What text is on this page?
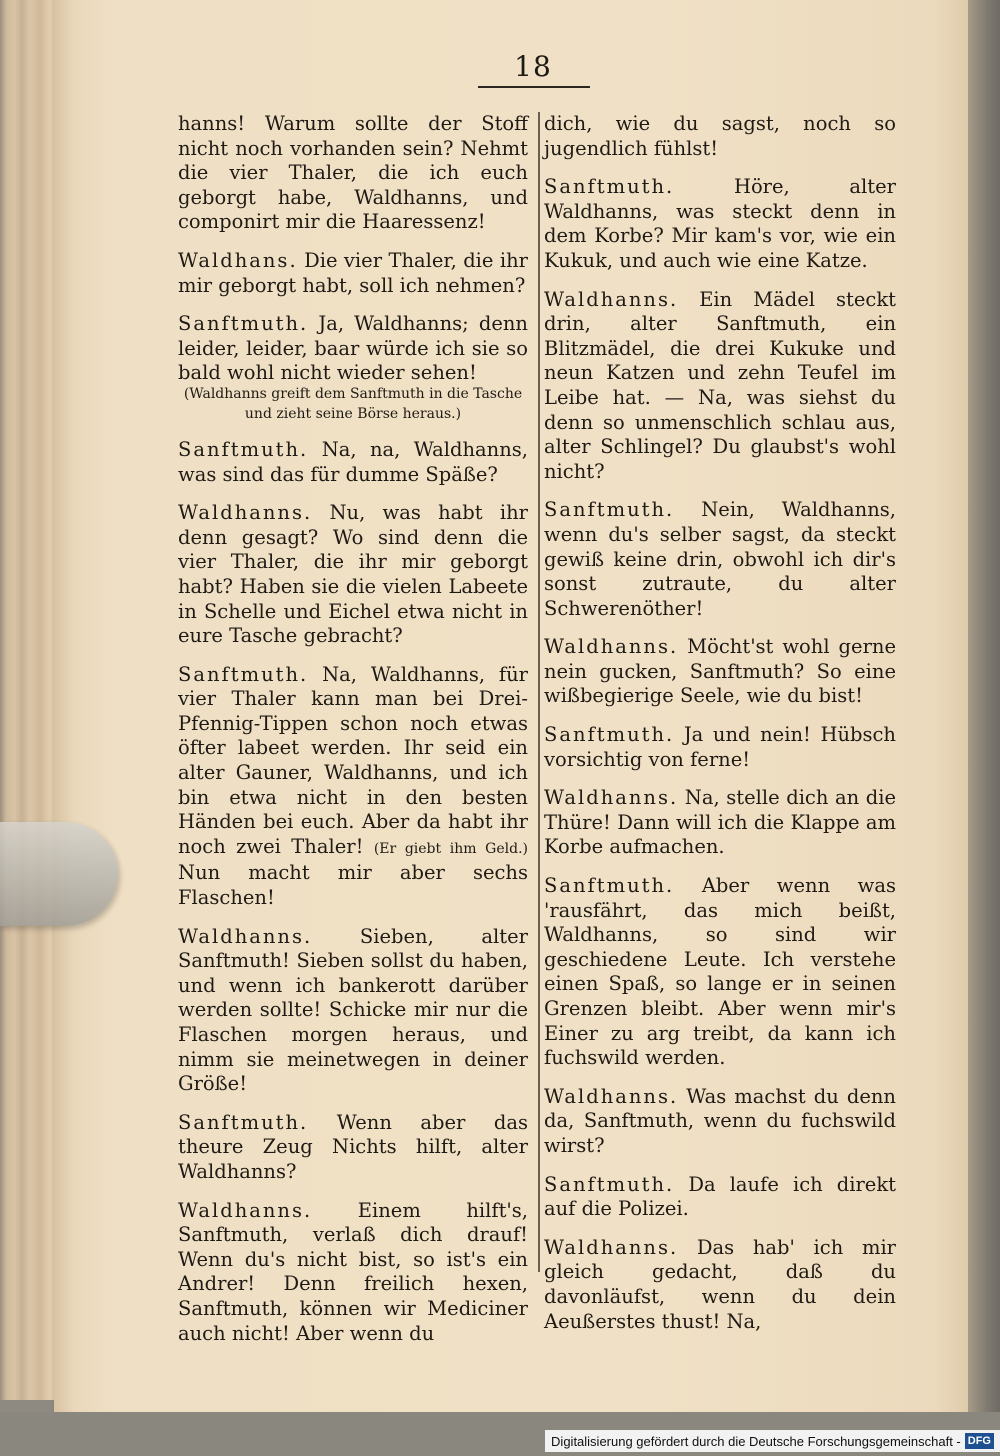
18

hanns! Warum sollte der Stoff nicht noch vorhanden sein? Nehmt die vier Thaler, die ich euch geborgt habe, Waldhanns, und componirt mir die Haaressenz!

Waldhans. Die vier Thaler, die ihr mir geborgt habt, soll ich nehmen?

Sanftmuth. Ja, Waldhanns; denn leider, leider, baar würde ich sie so bald wohl nicht wieder sehen!
(Waldhanns greift dem Sanftmuth in die Tasche und zieht seine Börse heraus.)

Sanftmuth. Na, na, Waldhanns, was sind das für dumme Späße?

Waldhanns. Nu, was habt ihr denn gesagt? Wo sind denn die vier Thaler, die ihr mir geborgt habt? Haben sie die vielen Labeete in Schelle und Eichel etwa nicht in eure Tasche gebracht?

Sanftmuth. Na, Waldhanns, für vier Thaler kann man bei Drei-Pfennig-Tippen schon noch etwas öfter labeet werden. Ihr seid ein alter Gauner, Waldhanns, und ich bin etwa nicht in den besten Händen bei euch. Aber da habt ihr noch zwei Thaler! (Er giebt ihm Geld.) Nun macht mir aber sechs Flaschen!

Waldhanns. Sieben, alter Sanftmuth! Sieben sollst du haben, und wenn ich bankerott darüber werden sollte! Schicke mir nur die Flaschen morgen heraus, und nimm sie meinetwegen in deiner Größe!

Sanftmuth. Wenn aber das theure Zeug Nichts hilft, alter Waldhanns?

Waldhanns. Einem hilft's, Sanftmuth, verlaß dich drauf! Wenn du's nicht bist, so ist's ein Andrer! Denn freilich hexen, Sanftmuth, können wir Mediciner auch nicht! Aber wenn du

dich, wie du sagst, noch so jugendlich fühlst!

Sanftmuth.	Höre, alter Waldhanns, was steckt denn in dem Korbe? Mir kam's vor, wie ein Kukuk, und auch wie eine Katze.

Waldhanns. Ein Mädel steckt drin, alter Sanftmuth, ein Blitzmädel, die drei Kukuke und neun Katzen und zehn Teufel im Leibe hat. — Na, was siehst du denn so unmenschlich schlau aus, alter Schlingel? Du glaubst's wohl nicht?

Sanftmuth. Nein, Waldhanns, wenn du's selber sagst, da steckt gewiß keine drin, obwohl ich dir's sonst zutraute, du alter Schwerenöther!

Waldhanns. Möcht'st wohl gerne nein gucken, Sanftmuth? So eine wißbegierige Seele, wie du bist!

Sanftmuth. Ja und nein! Hübsch vorsichtig von ferne!

Waldhanns. Na, stelle dich an die Thüre! Dann will ich die Klappe am Korbe aufmachen.

Sanftmuth. Aber wenn was 'rausfährt, das mich beißt, Waldhanns, so sind wir geschiedene Leute. Ich verstehe einen Spaß, so lange er in seinen Grenzen bleibt. Aber wenn mir's Einer zu arg treibt, da kann ich fuchswild werden.

Waldhanns. Was machst du denn da, Sanftmuth, wenn du fuchswild wirst?

Sanftmuth. Da laufe ich direkt auf die Polizei.

Waldhanns. Das hab' ich mir gleich gedacht, daß du davonläufst, wenn du dein Aeußerstes thust! Na,

Digitalisierung gefördert durch die Deutsche Forschungsgemeinschaft - DFG
